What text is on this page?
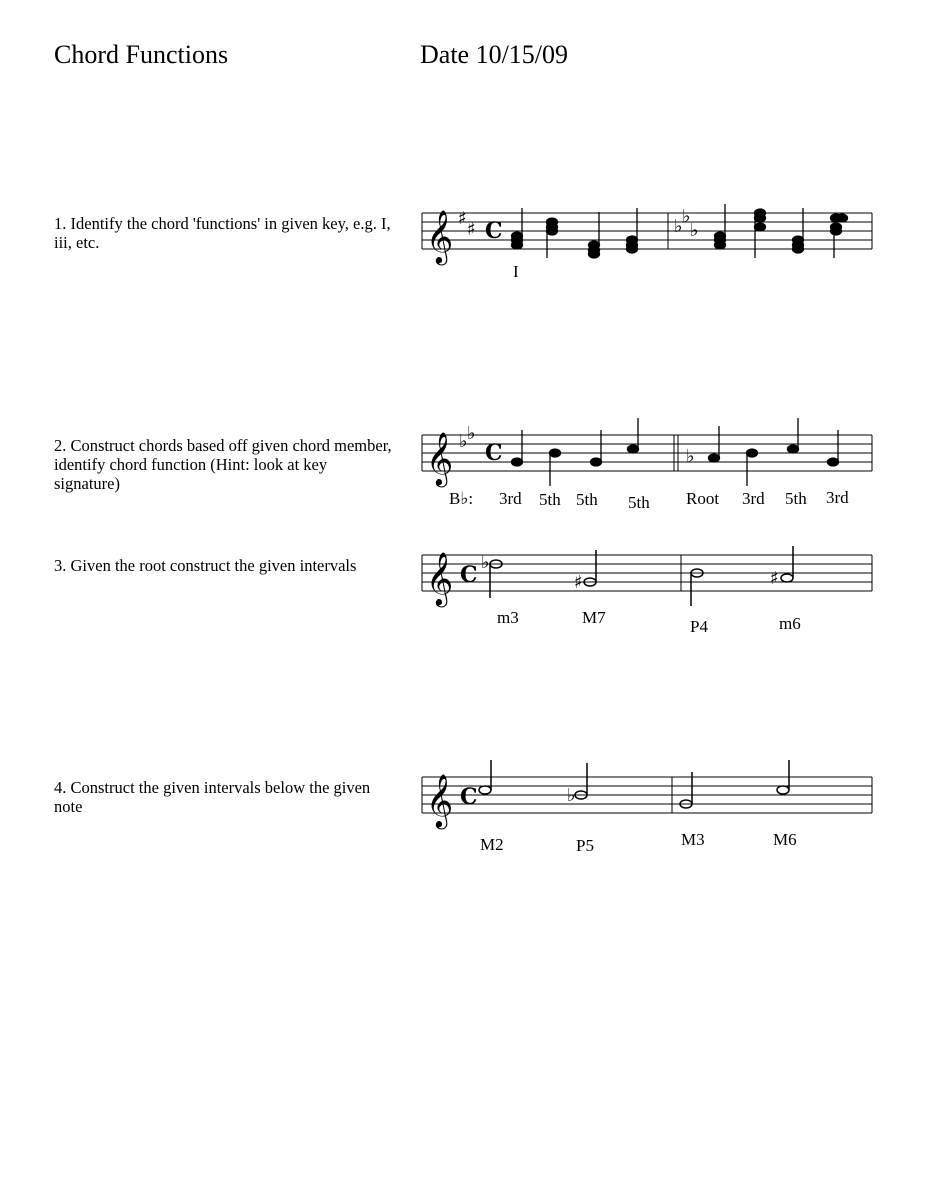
Chord Functions	Date 10/15/09
1. Identify the chord 'functions' in given key, e.g. I, iii, etc.	𝄞 ♯
♯ C	♭ ♭
♭
I
2. Construct chords based off given chord member, identify chord function (Hint: look at key signature)	𝄞 ♭ ♭
C	♭
B♭: 3rd 5th 5th 5th Root 3rd 5th 3rd
3. Given the root construct the given intervals	𝄞 C ♭
♯	♯
m3	M7	P4	m6
4. Construct the given intervals below the given note	𝄞 C	♭
M2	P5	M3	M6
